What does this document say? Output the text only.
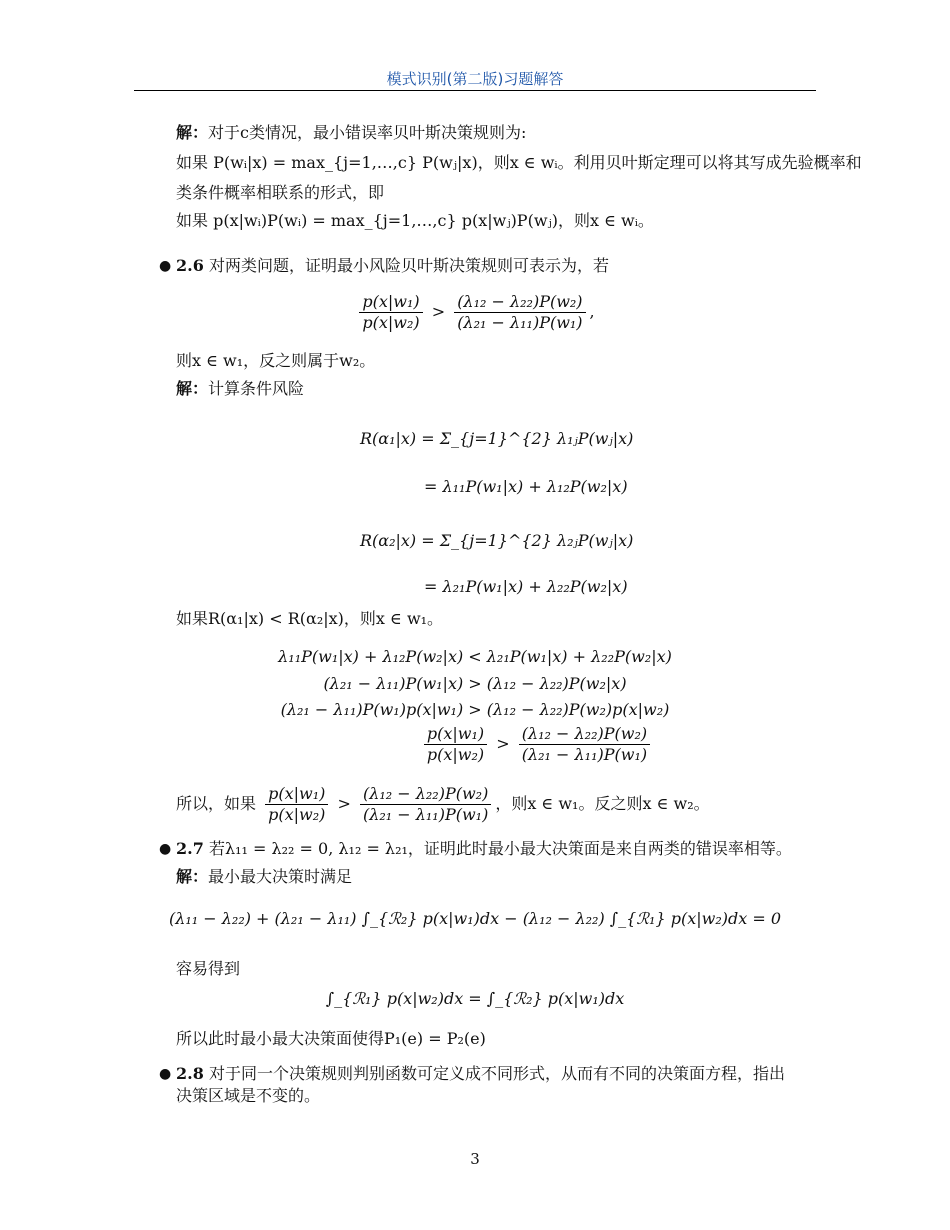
模式识别(第二版)习题解答
解：对于c类情况，最小错误率贝叶斯决策规则为:
如果 P(wᵢ|x) = max_{j=1,…,c} P(wⱼ|x)，则x ∈ wᵢ。利用贝叶斯定理可以将其写成先验概率和
类条件概率相联系的形式，即
如果 p(x|wᵢ)P(wᵢ) = max_{j=1,…,c} p(x|wⱼ)P(wⱼ)，则x ∈ wᵢ。
● 2.6 对两类问题，证明最小风险贝叶斯决策规则可表示为，若
$\frac{\text{p(x|w₁)}}{\text{p(x|w₂)}} > \frac{\text{(λ₁₂ − λ₂₂)P(w₂)}}{\text{(λ₂₁ − λ₁₁)P(w₁)}}$ ,
则x ∈ w₁，反之则属于w₂。
解：计算条件风险
R(α₁|x) = Σ_{j=1}^{2} λ₁ⱼP(wⱼ|x)
= λ₁₁P(w₁|x) + λ₁₂P(w₂|x)
R(α₂|x) = Σ_{j=1}^{2} λ₂ⱼP(wⱼ|x)
= λ₂₁P(w₁|x) + λ₂₂P(w₂|x)
如果R(α₁|x) < R(α₂|x)，则x ∈ w₁。
λ₁₁P(w₁|x) + λ₁₂P(w₂|x) < λ₂₁P(w₁|x) + λ₂₂P(w₂|x)
(λ₂₁ − λ₁₁)P(w₁|x) > (λ₁₂ − λ₂₂)P(w₂|x)
(λ₂₁ − λ₁₁)P(w₁)p(x|w₁) > (λ₁₂ − λ₂₂)P(w₂)p(x|w₂)
$\frac{\text{p(x|w₁)}}{\text{p(x|w₂)}} > \frac{\text{(λ₁₂ − λ₂₂)P(w₂)}}{\text{(λ₂₁ − λ₁₁)P(w₁)}}$
所以，如果 $\frac{\text{p(x|w₁)}}{\text{p(x|w₂)}} > \frac{\text{(λ₁₂ − λ₂₂)P(w₂)}}{\text{(λ₂₁ − λ₁₁)P(w₁)}}$ ，则x ∈ w₁。反之则x ∈ w₂。
● 2.7 若λ₁₁ = λ₂₂ = 0, λ₁₂ = λ₂₁，证明此时最小最大决策面是来自两类的错误率相等。
解：最小最大决策时满足
(λ₁₁ − λ₂₂) + (λ₂₁ − λ₁₁) ∫_{ℛ₂} p(x|w₁)dx − (λ₁₂ − λ₂₂) ∫_{ℛ₁} p(x|w₂)dx = 0
容易得到
∫_{ℛ₁} p(x|w₂)dx = ∫_{ℛ₂} p(x|w₁)dx
所以此时最小最大决策面使得P₁(e) = P₂(e)
● 2.8 对于同一个决策规则判别函数可定义成不同形式，从而有不同的决策面方程，指出
决策区域是不变的。
3
